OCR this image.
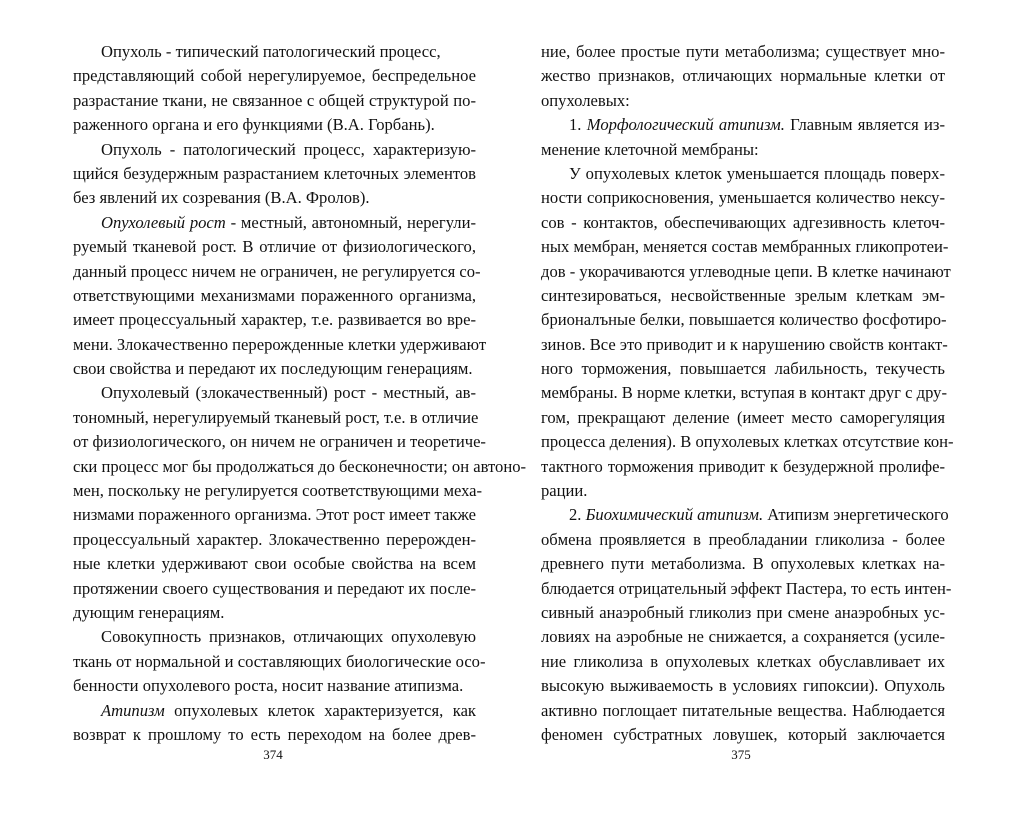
Опухоль - типический патологический процесс,
представляющий собой нерегулируемое, беспредельное
разрастание ткани, не связанное с общей структурой по-
раженного органа и его функциями (В.А. Горбань).
Опухоль - патологический процесс, характеризую-
щийся безудержным разрастанием клеточных элементов
без явлений их созревания (В.А. Фролов).
Опухолевый рост - местный, автономный, нерегули-
руемый тканевой рост. В отличие от физиологического,
данный процесс ничем не ограничен, не регулируется со-
ответствующими механизмами пораженного организма,
имеет процессуальный характер, т.е. развивается во вре-
мени. Злокачественно перерожденные клетки удерживают
свои свойства и передают их последующим генерациям.
Опухолевый (злокачественный) рост - местный, ав-
тономный, нерегулируемый тканевый рост, т.е. в отличие
от физиологического, он ничем не ограничен и теоретиче-
ски процесс мог бы продолжаться до бесконечности; он автоно-
мен, поскольку не регулируется соответствующими меха-
низмами пораженного организма. Этот рост имеет также
процессуальный характер. Злокачественно перерожден-
ные клетки удерживают свои особые свойства на всем
протяжении своего существования и передают их после-
дующим генерациям.
Совокупность признаков, отличающих опухолевую
ткань от нормальной и составляющих биологические осо-
бенности опухолевого роста, носит название атипизма.
Атипизм опухолевых клеток характеризуется, как
возврат к прошлому то есть переходом на более древ-
374
ние, более простые пути метаболизма; существует мно-
жество признаков, отличающих нормальные клетки от
опухолевых:
1. Морфологический атипизм. Главным является из-
менение клеточной мембраны:
У опухолевых клеток уменьшается площадь поверх-
ности соприкосновения, уменьшается количество нексу-
сов - контактов, обеспечивающих адгезивность клеточ-
ных мембран, меняется состав мембранных гликопротеи-
дов - укорачиваются углеводные цепи. В клетке начинают
синтезироваться, несвойственные зрелым клеткам эм-
брионалъные белки, повышается количество фосфотиро-
зинов. Все это приводит и к нарушению свойств контакт-
ного торможения, повышается лабильность, текучесть
мембраны. В норме клетки, вступая в контакт друг с дру-
гом, прекращают деление (имеет место саморегуляция
процесса деления). В опухолевых клетках отсутствие кон-
тактного торможения приводит к безудержной пролифе-
рации.
2. Биохимический атипизм. Атипизм энергетического
обмена проявляется в преобладании гликолиза - более
древнего пути метаболизма. В опухолевых клетках на-
блюдается отрицательный эффект Пастера, то есть интен-
сивный анаэробный гликолиз при смене анаэробных ус-
ловиях на аэробные не снижается, а сохраняется (усиле-
ние гликолиза в опухолевых клетках обуславливает их
высокую выживаемость в условиях гипоксии). Опухоль
активно поглощает питательные вещества. Наблюдается
феномен субстратных ловушек, который заключается
375
